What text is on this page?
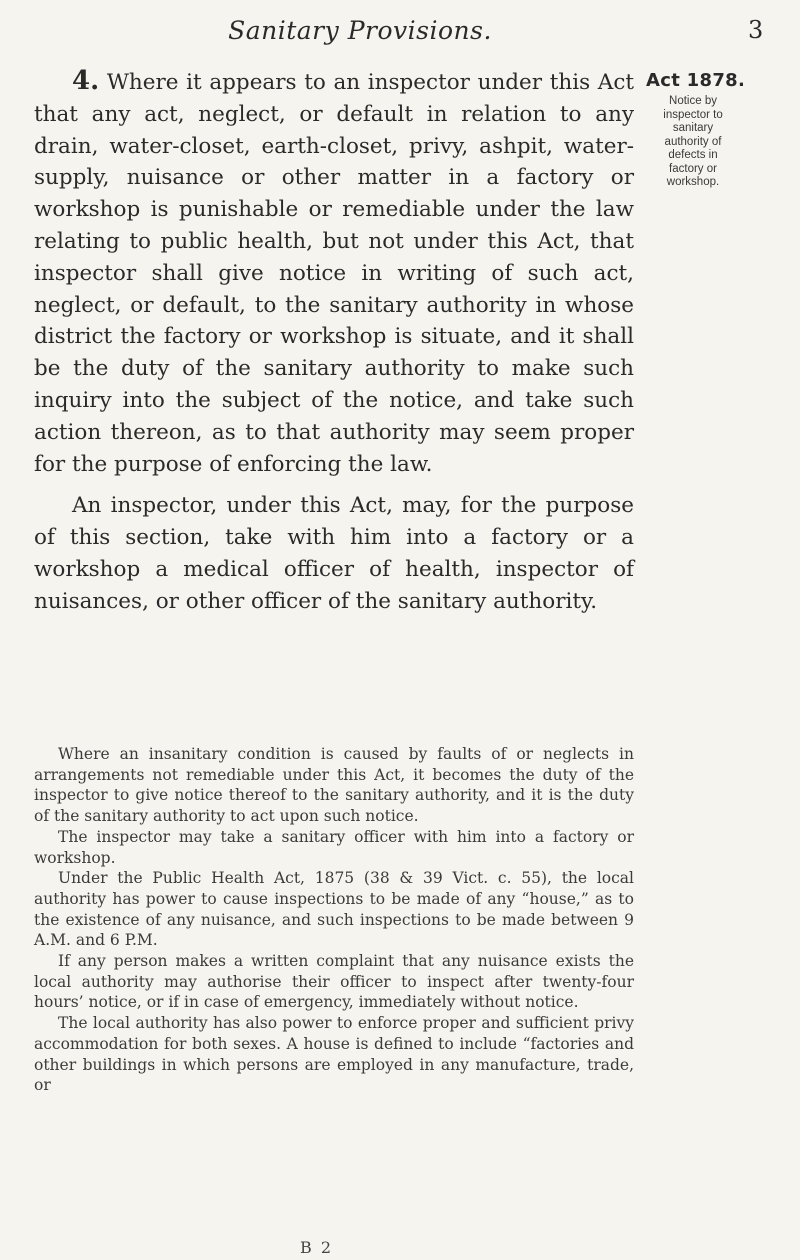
Sanitary Provisions.	3
Act 1878.
Notice by inspector to sanitary authority of defects in factory or workshop.

4. Where it appears to an inspector under this Act that any act, neglect, or default in relation to any drain, water-closet, earth-closet, privy, ashpit, water-supply, nuisance or other matter in a factory or workshop is punishable or remediable under the law relating to public health, but not under this Act, that inspector shall give notice in writing of such act, neglect, or default, to the sanitary authority in whose district the factory or workshop is situate, and it shall be the duty of the sanitary authority to make such inquiry into the subject of the notice, and take such action thereon, as to that authority may seem proper for the purpose of enforcing the law.

An inspector, under this Act, may, for the purpose of this section, take with him into a factory or a workshop a medical officer of health, inspector of nuisances, or other officer of the sanitary authority.

Where an insanitary condition is caused by faults of or neglects in arrangements not remediable under this Act, it becomes the duty of the inspector to give notice thereof to the sanitary authority, and it is the duty of the sanitary authority to act upon such notice.

The inspector may take a sanitary officer with him into a factory or workshop.

Under the Public Health Act, 1875 (38 & 39 Vict. c. 55), the local authority has power to cause inspections to be made of any “house,” as to the existence of any nuisance, and such inspections to be made between 9 A.M. and 6 P.M.

If any person makes a written complaint that any nuisance exists the local authority may authorise their officer to inspect after twenty-four hours’ notice, or if in case of emergency, immediately without notice.

The local authority has also power to enforce proper and sufficient privy accommodation for both sexes. A house is defined to include “factories and other buildings in which persons are employed in any manufacture, trade, or

B 2
